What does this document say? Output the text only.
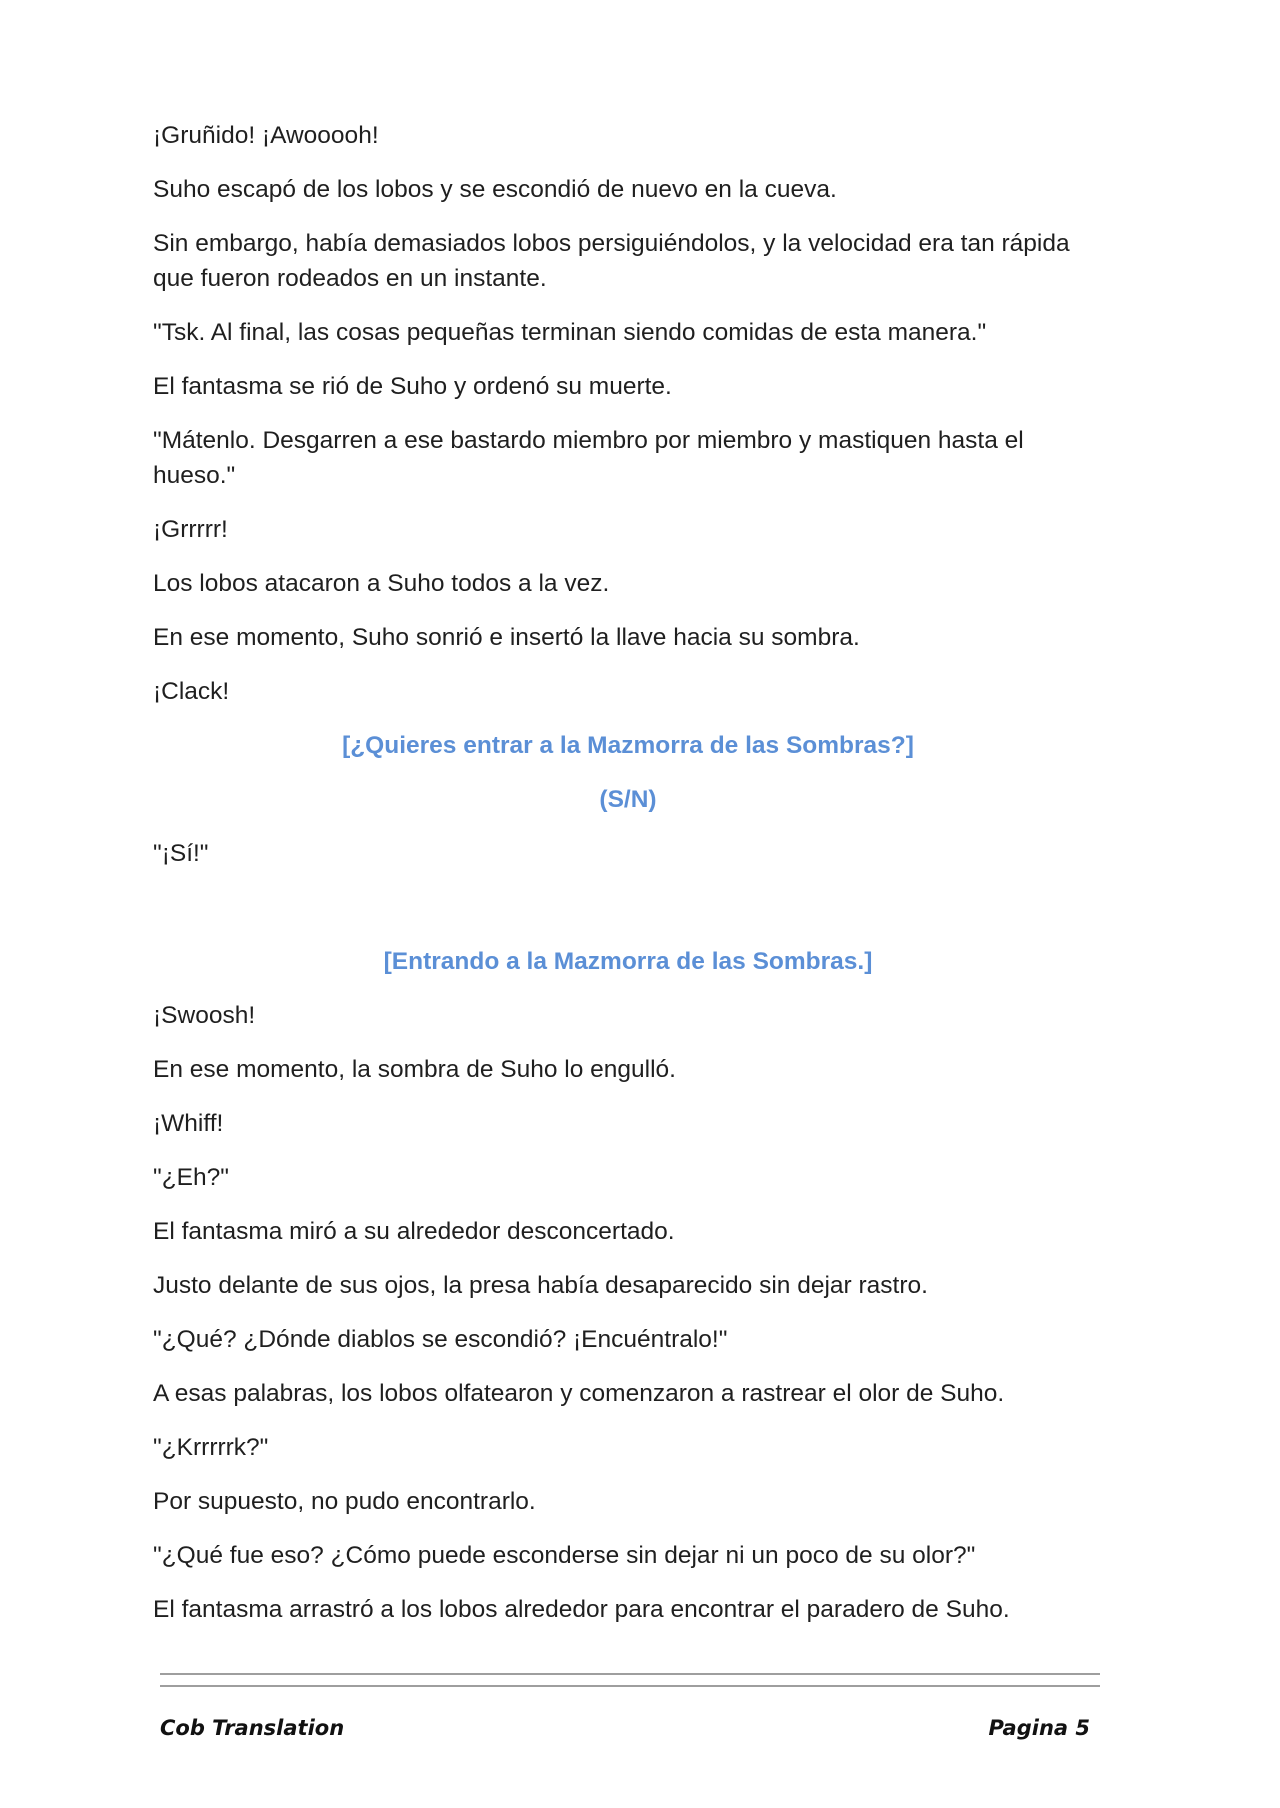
¡Gruñido! ¡Awooooh!

Suho escapó de los lobos y se escondió de nuevo en la cueva.

Sin embargo, había demasiados lobos persiguiéndolos, y la velocidad era tan rápida que fueron rodeados en un instante.

"Tsk. Al final, las cosas pequeñas terminan siendo comidas de esta manera."

El fantasma se rió de Suho y ordenó su muerte.

"Mátenlo. Desgarren a ese bastardo miembro por miembro y mastiquen hasta el hueso."

¡Grrrrr!

Los lobos atacaron a Suho todos a la vez.

En ese momento, Suho sonrió e insertó la llave hacia su sombra.

¡Clack!

[¿Quieres entrar a la Mazmorra de las Sombras?]

(S/N)

"¡Sí!"

[Entrando a la Mazmorra de las Sombras.]

¡Swoosh!

En ese momento, la sombra de Suho lo engulló.

¡Whiff!

"¿Eh?"

El fantasma miró a su alrededor desconcertado.

Justo delante de sus ojos, la presa había desaparecido sin dejar rastro.

"¿Qué? ¿Dónde diablos se escondió? ¡Encuéntralo!"

A esas palabras, los lobos olfatearon y comenzaron a rastrear el olor de Suho.

"¿Krrrrrk?"

Por supuesto, no pudo encontrarlo.

"¿Qué fue eso? ¿Cómo puede esconderse sin dejar ni un poco de su olor?"

El fantasma arrastró a los lobos alrededor para encontrar el paradero de Suho.

Cob Translation	Pagina 5
